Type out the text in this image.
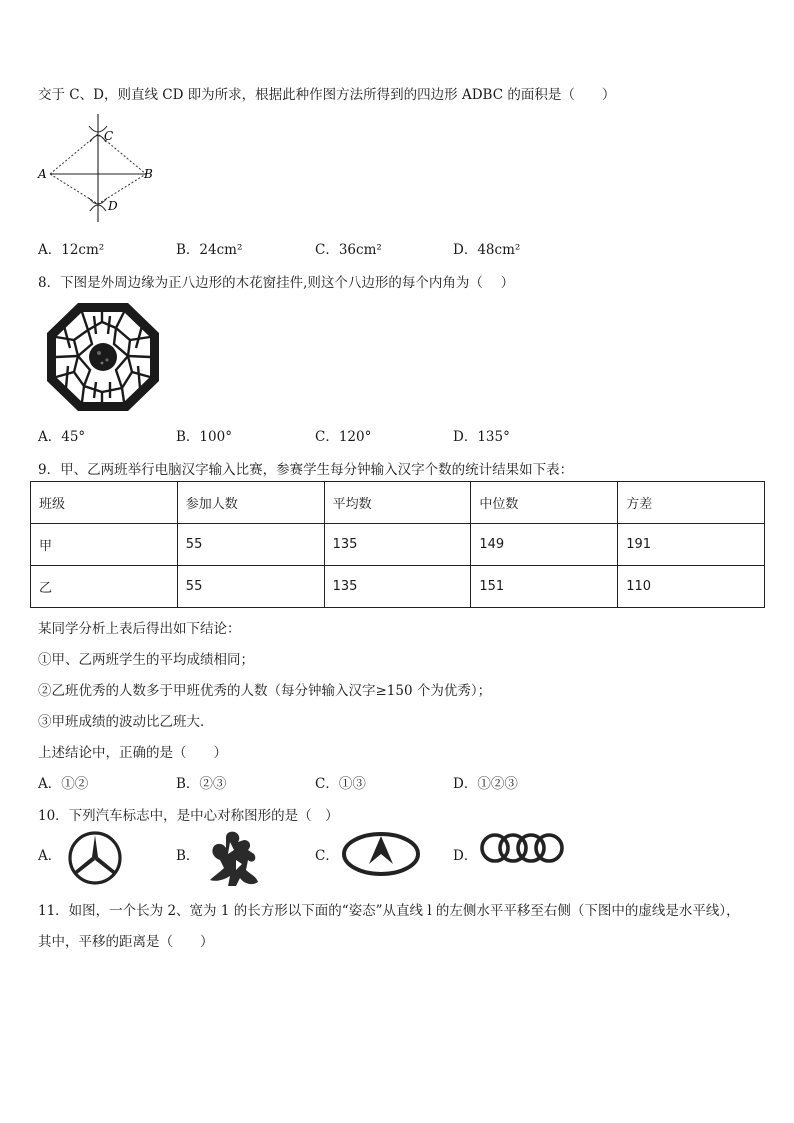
交于 C、D，则直线 CD 即为所求，根据此种作图方法所得到的四边形 ADBC 的面积是（　　）
C
A	B
D
A．12cm²	B．24cm²	C．36cm²	D．48cm²
8．下图是外周边缘为正八边形的木花窗挂件,则这个八边形的每个内角为（　 ）
A．45°	B．100°	C．120°	D．135°
9．甲、乙两班举行电脑汉字输入比赛，参赛学生每分钟输入汉字个数的统计结果如下表：
班级	参加人数	平均数	中位数	方差
甲	55	135	149	191
乙	55	135	151	110
某同学分析上表后得出如下结论：
①甲、乙两班学生的平均成绩相同；
②乙班优秀的人数多于甲班优秀的人数（每分钟输入汉字≥150 个为优秀）；
③甲班成绩的波动比乙班大．
上述结论中，正确的是（　　）
A．①②	B．②③	C．①③	D．①②③
10．下列汽车标志中，是中心对称图形的是（　）
A．	B．	C．	D．
11．如图，一个长为 2、宽为 1 的长方形以下面的“姿态”从直线 l 的左侧水平平移至右侧（下图中的虚线是水平线），
其中，平移的距离是（　　）
